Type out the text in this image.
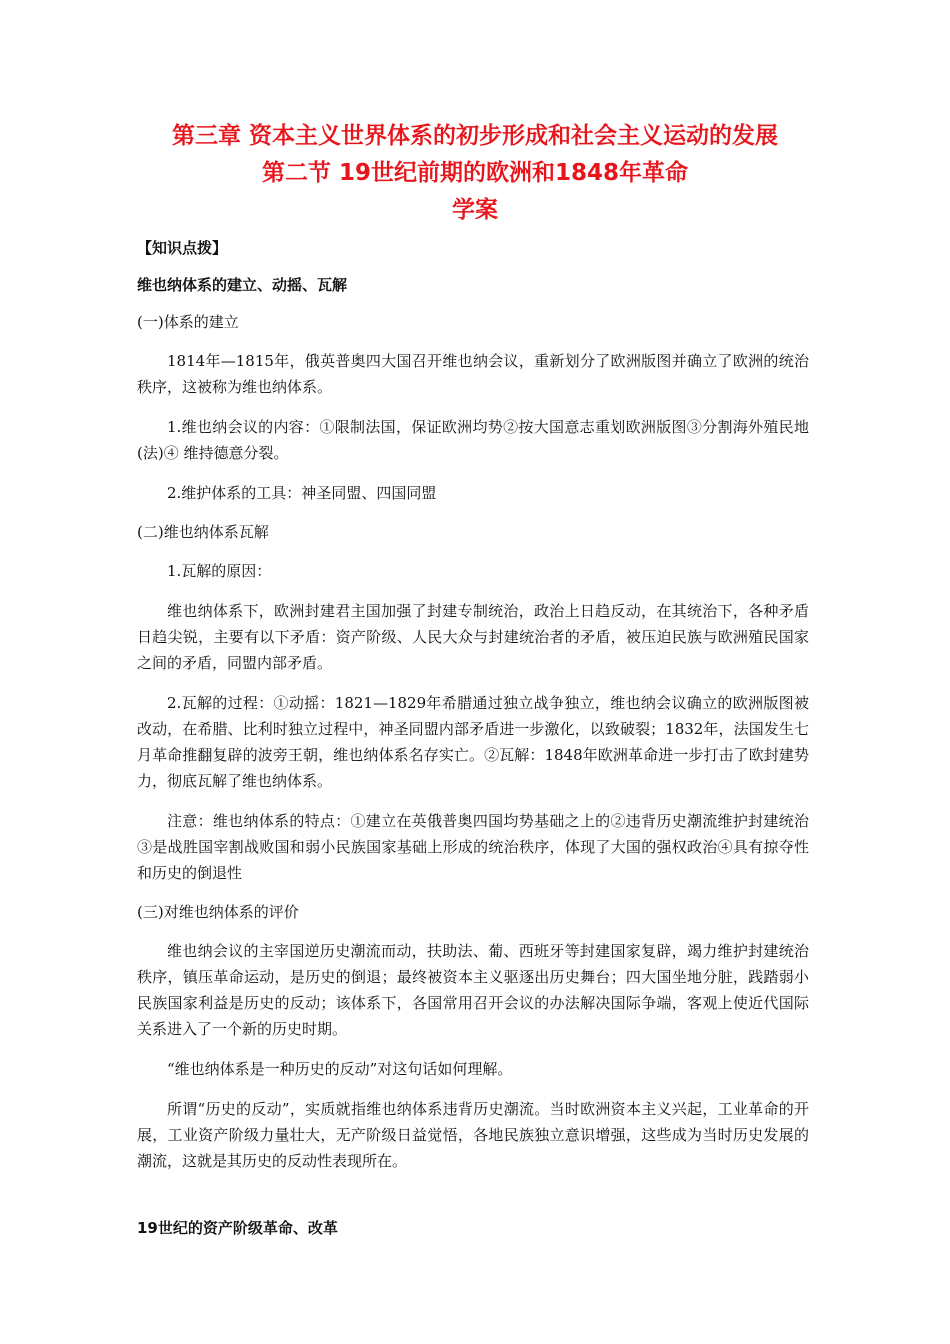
第三章 资本主义世界体系的初步形成和社会主义运动的发展
第二节 19世纪前期的欧洲和1848年革命
学案

【知识点拨】

维也纳体系的建立、动摇、瓦解

(一)体系的建立

1814年—1815年，俄英普奥四大国召开维也纳会议，重新划分了欧洲版图并确立了欧洲的统治秩序，这被称为维也纳体系。

1.维也纳会议的内容：①限制法国，保证欧洲均势②按大国意志重划欧洲版图③分割海外殖民地(法)④ 维持德意分裂。

2.维护体系的工具：神圣同盟、四国同盟

(二)维也纳体系瓦解

1.瓦解的原因：

维也纳体系下，欧洲封建君主国加强了封建专制统治，政治上日趋反动，在其统治下，各种矛盾日趋尖锐，主要有以下矛盾：资产阶级、人民大众与封建统治者的矛盾，被压迫民族与欧洲殖民国家之间的矛盾，同盟内部矛盾。

2.瓦解的过程：①动摇：1821—1829年希腊通过独立战争独立，维也纳会议确立的欧洲版图被改动，在希腊、比利时独立过程中，神圣同盟内部矛盾进一步激化，以致破裂；1832年，法国发生七月革命推翻复辟的波旁王朝，维也纳体系名存实亡。②瓦解：1848年欧洲革命进一步打击了欧封建势力，彻底瓦解了维也纳体系。

注意：维也纳体系的特点：①建立在英俄普奥四国均势基础之上的②违背历史潮流维护封建统治③是战胜国宰割战败国和弱小民族国家基础上形成的统治秩序，体现了大国的强权政治④具有掠夺性和历史的倒退性

(三)对维也纳体系的评价

维也纳会议的主宰国逆历史潮流而动，扶助法、葡、西班牙等封建国家复辟，竭力维护封建统治秩序，镇压革命运动，是历史的倒退；最终被资本主义驱逐出历史舞台；四大国坐地分脏，践踏弱小民族国家利益是历史的反动；该体系下，各国常用召开会议的办法解决国际争端，客观上使近代国际关系进入了一个新的历史时期。

“维也纳体系是一种历史的反动”对这句话如何理解。

所谓“历史的反动”，实质就指维也纳体系违背历史潮流。当时欧洲资本主义兴起，工业革命的开展，工业资产阶级力量壮大，无产阶级日益觉悟，各地民族独立意识增强，这些成为当时历史发展的潮流，这就是其历史的反动性表现所在。

19世纪的资产阶级革命、改革
